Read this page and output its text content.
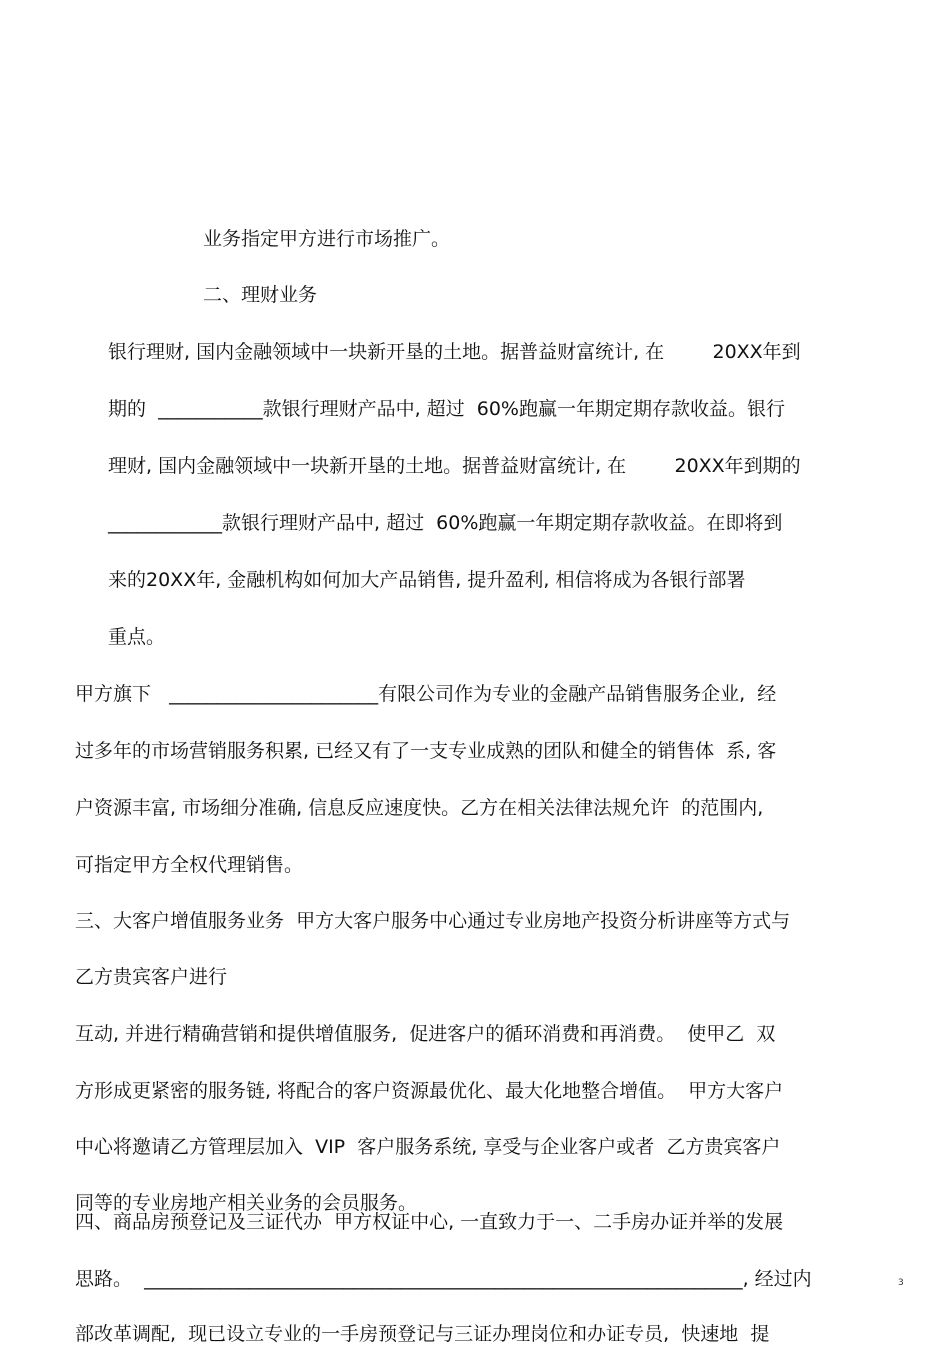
业务指定甲方进行市场推广。
二、理财业务
银行理财, 国内金融领域中一块新开垦的土地。据普益财富统计, 在        20XX年到
期的  ___________款银行理财产品中, 超过  60%跑赢一年期定期存款收益。银行
理财, 国内金融领域中一块新开垦的土地。据普益财富统计, 在        20XX年到期的
____________款银行理财产品中, 超过  60%跑赢一年期定期存款收益。在即将到
来的20XX年, 金融机构如何加大产品销售, 提升盈利, 相信将成为各银行部署
重点。
甲方旗下   ______________________有限公司作为专业的金融产品销售服务企业,  经
过多年的市场营销服务积累, 已经又有了一支专业成熟的团队和健全的销售体  系, 客
户资源丰富, 市场细分准确, 信息反应速度快。乙方在相关法律法规允许  的范围内,
可指定甲方全权代理销售。
三、大客户增值服务业务  甲方大客户服务中心通过专业房地产投资分析讲座等方式与
乙方贵宾客户进行
互动, 并进行精确营销和提供增值服务,  促进客户的循环消费和再消费。  使甲乙  双
方形成更紧密的服务链, 将配合的客户资源最优化、最大化地整合增值。  甲方大客户
中心将邀请乙方管理层加入  VIP  客户服务系统, 享受与企业客户或者  乙方贵宾客户
同等的专业房地产相关业务的会员服务。
四、商品房预登记及三证代办  甲方权证中心, 一直致力于一、二手房办证并举的发展
思路。  _______________________________________________________________, 经过内
部改革调配,  现已设立专业的一手房预登记与三证办理岗位和办证专员,  快速地  提
3
